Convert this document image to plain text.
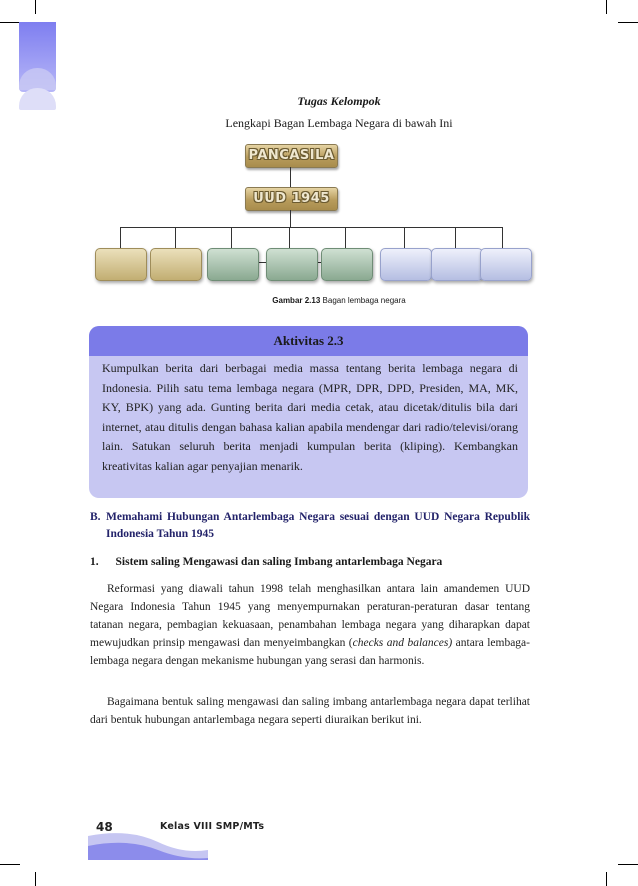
Tugas Kelompok
Lengkapi Bagan Lembaga Negara di bawah Ini
PANCASILA
UUD 1945
Gambar 2.13 Bagan lembaga negara
Aktivitas 2.3
Kumpulkan berita dari berbagai media massa tentang berita lembaga negara di Indonesia. Pilih satu tema lembaga negara (MPR, DPR, DPD, Presiden, MA, MK, KY, BPK) yang ada. Gunting berita dari media cetak, atau dicetak/ditulis bila dari internet, atau ditulis dengan bahasa kalian apabila mendengar dari radio/televisi/orang lain. Satukan seluruh berita menjadi kumpulan berita (kliping). Kembangkan kreativitas kalian agar penyajian menarik.
B. Memahami Hubungan Antarlembaga Negara sesuai dengan UUD Negara Republik Indonesia Tahun 1945
1. Sistem saling Mengawasi dan saling Imbang antarlembaga Negara
Reformasi yang diawali tahun 1998 telah menghasilkan antara lain amandemen UUD Negara Indonesia Tahun 1945 yang menyempurnakan peraturan-peraturan dasar tentang tatanan negara, pembagian kekuasaan, penambahan lembaga negara yang diharapkan dapat mewujudkan prinsip mengawasi dan menyeimbangkan (checks and balances) antara lembaga-lembaga negara dengan mekanisme hubungan yang serasi dan harmonis.
Bagaimana bentuk saling mengawasi dan saling imbang antarlembaga negara dapat terlihat dari bentuk hubungan antarlembaga negara seperti diuraikan berikut ini.
48	Kelas VIII SMP/MTs
